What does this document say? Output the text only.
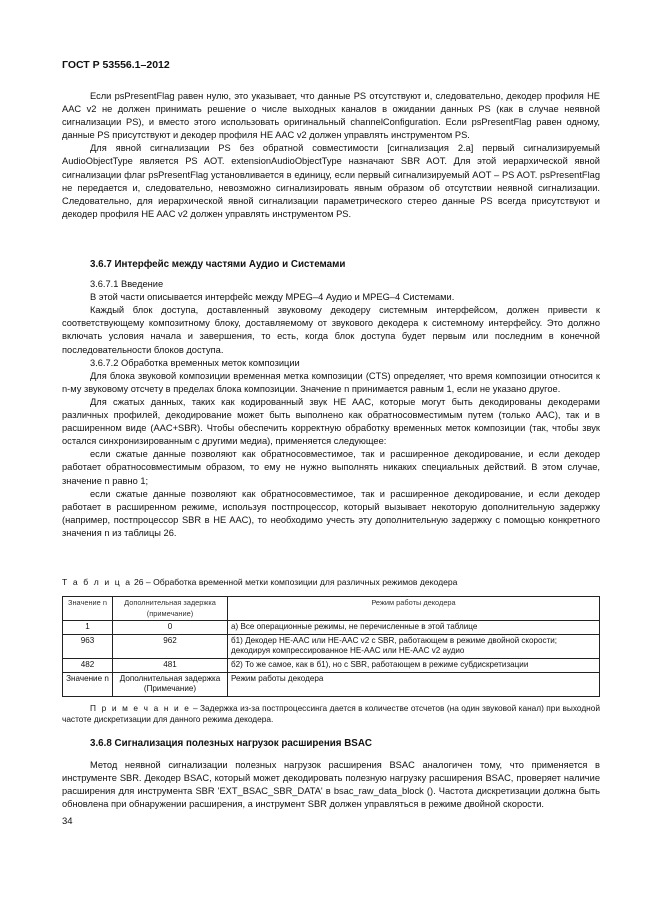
ГОСТ Р 53556.1–2012

Если psPresentFlag равен нулю, это указывает, что данные PS отсутствуют и, следовательно, декодер профиля HE AAC v2 не должен принимать решение о числе выходных каналов в ожидании данных PS (как в случае неявной сигнализации PS), и вместо этого использовать оригинальный channelConfiguration. Если psPresentFlag равен одному, данные PS присутствуют и декодер профиля HE AAC v2 должен управлять инструментом PS.

Для явной сигнализации PS без обратной совместимости [сигнализация 2.a] первый сигнализируемый AudioObjectType является PS AOT. extensionAudioObjectType назначают SBR AOT. Для этой иерархической явной сигнализации флаг psPresentFlag установливается в единицу, если первый сигнализируемый AOT – PS AOT. psPresentFlag не передается и, следовательно, невозможно сигнализировать явным образом об отсутствии неявной сигнализации. Следовательно, для иерархической явной сигнализации параметрического стерео данные PS всегда присутствуют и декодер профиля HE AAC v2 должен управлять инструментом PS.

3.6.7 Интерфейс между частями Аудио и Системами

3.6.7.1 Введение

В этой части описывается интерфейс между MPEG–4 Аудио и MPEG–4 Системами.

Каждый блок доступа, доставленный звуковому декодеру системным интерфейсом, должен привести к соответствующему композитному блоку, доставляемому от звукового декодера к системному интерфейсу. Это должно включать условия начала и завершения, то есть, когда блок доступа будет первым или последним в конечной последовательности блоков доступа.

3.6.7.2 Обработка временных меток композиции

Для блока звуковой композиции временная метка композиции (CTS) определяет, что время композиции относится к n-му звуковому отсчету в пределах блока композиции. Значение n принимается равным 1, если не указано другое.

Для сжатых данных, таких как кодированный звук HE AAC, которые могут быть декодированы декодерами различных профилей, декодирование может быть выполнено как обратносовместимым путем (только AAC), так и в расширенном виде (AAC+SBR). Чтобы обеспечить корректную обработку временных меток композиции (так, чтобы звук остался синхронизированным с другими медиа), применяется следующее:

если сжатые данные позволяют как обратносовместимое, так и расширенное декодирование, и если декодер работает обратносовместимым образом, то ему не нужно выполнять никаких специальных действий. В этом случае, значение n равно 1;

если сжатые данные позволяют как обратносовместимое, так и расширенное декодирование, и если декодер работает в расширенном режиме, используя постпроцессор, который вызывает некоторую дополнительную задержку (например, постпроцессор SBR в HE AAC), то необходимо учесть эту дополнительную задержку с помощью конкретного значения n из таблицы 26.

Т а б л и ц а 26 – Обработка временной метки композиции для различных режимов декодера
Значение n	Дополнительная задержка (примечание)	Режим работы декодера
1	0	а) Все операционные режимы, не перечисленные в этой таблице
963	962	б1) Декодер HE-AAC или HE-AAC v2 с SBR, работающем в режиме двойной скорости; декодируя компрессированное HE-AAC или HE-AAC v2 аудио
482	481	б2) То же самое, как в б1), но с SBR, работающем в режиме субдискретизации
Значение n	Дополнительная задержка (Примечание)	Режим работы декодера

П р и м е ч а н и е – Задержка из-за постпроцессинга дается в количестве отсчетов (на один звуковой канал) при выходной частоте дискретизации для данного режима декодера.

3.6.8 Сигнализация полезных нагрузок расширения BSAC

Метод неявной сигнализации полезных нагрузок расширения BSAC аналогичен тому, что применяется в инструменте SBR. Декодер BSAC, который может декодировать полезную нагрузку расширения BSAC, проверяет наличие расширения для инструмента SBR 'EXT_BSAC_SBR_DATA' в bsac_raw_data_block (). Частота дискретизации должна быть обновлена при обнаружении расширения, а инструмент SBR должен управляться в режиме двойной скорости.

34
